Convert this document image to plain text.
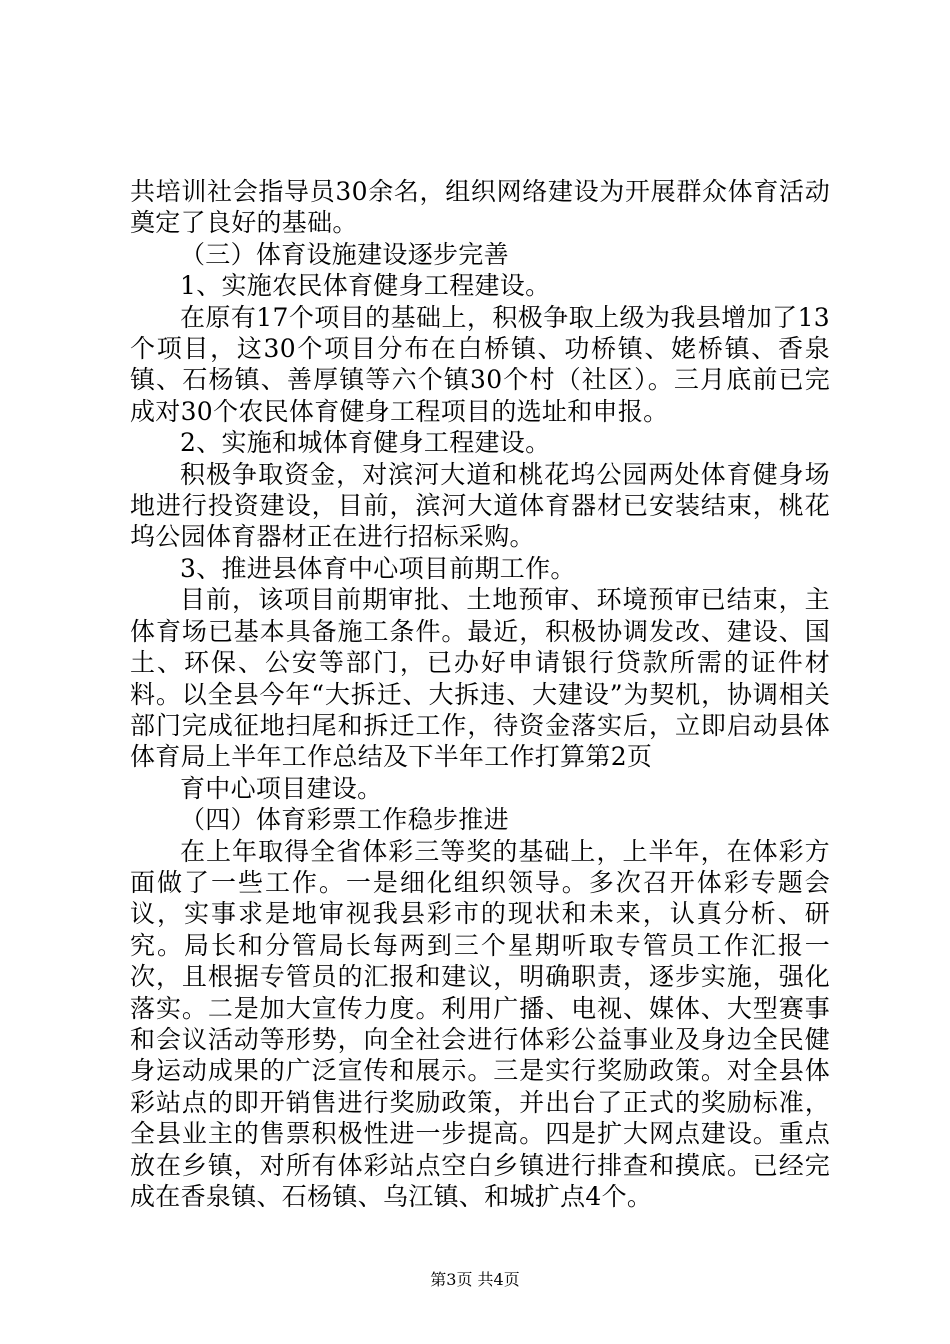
共培训社会指导员30余名，组织网络建设为开展群众体育活动奠定了良好的基础。

（三）体育设施建设逐步完善

1、实施农民体育健身工程建设。

在原有17个项目的基础上，积极争取上级为我县增加了13个项目，这30个项目分布在白桥镇、功桥镇、姥桥镇、香泉镇、石杨镇、善厚镇等六个镇30个村（社区）。三月底前已完成对30个农民体育健身工程项目的选址和申报。

2、实施和城体育健身工程建设。

积极争取资金，对滨河大道和桃花坞公园两处体育健身场地进行投资建设，目前，滨河大道体育器材已安装结束，桃花坞公园体育器材正在进行招标采购。

3、推进县体育中心项目前期工作。

目前，该项目前期审批、土地预审、环境预审已结束，主体育场已基本具备施工条件。最近，积极协调发改、建设、国土、环保、公安等部门，已办好申请银行贷款所需的证件材料。以全县今年“大拆迁、大拆违、大建设”为契机，协调相关部门完成征地扫尾和拆迁工作，待资金落实后，立即启动县体体育局上半年工作总结及下半年工作打算第2页

育中心项目建设。

（四）体育彩票工作稳步推进

在上年取得全省体彩三等奖的基础上，上半年，在体彩方面做了一些工作。一是细化组织领导。多次召开体彩专题会议，实事求是地审视我县彩市的现状和未来，认真分析、研究。局长和分管局长每两到三个星期听取专管员工作汇报一次，且根据专管员的汇报和建议，明确职责，逐步实施，强化落实。二是加大宣传力度。利用广播、电视、媒体、大型赛事和会议活动等形势，向全社会进行体彩公益事业及身边全民健身运动成果的广泛宣传和展示。三是实行奖励政策。对全县体彩站点的即开销售进行奖励政策，并出台了正式的奖励标准，全县业主的售票积极性进一步提高。四是扩大网点建设。重点放在乡镇，对所有体彩站点空白乡镇进行排查和摸底。已经完成在香泉镇、石杨镇、乌江镇、和城扩点4个。

第3页 共4页
